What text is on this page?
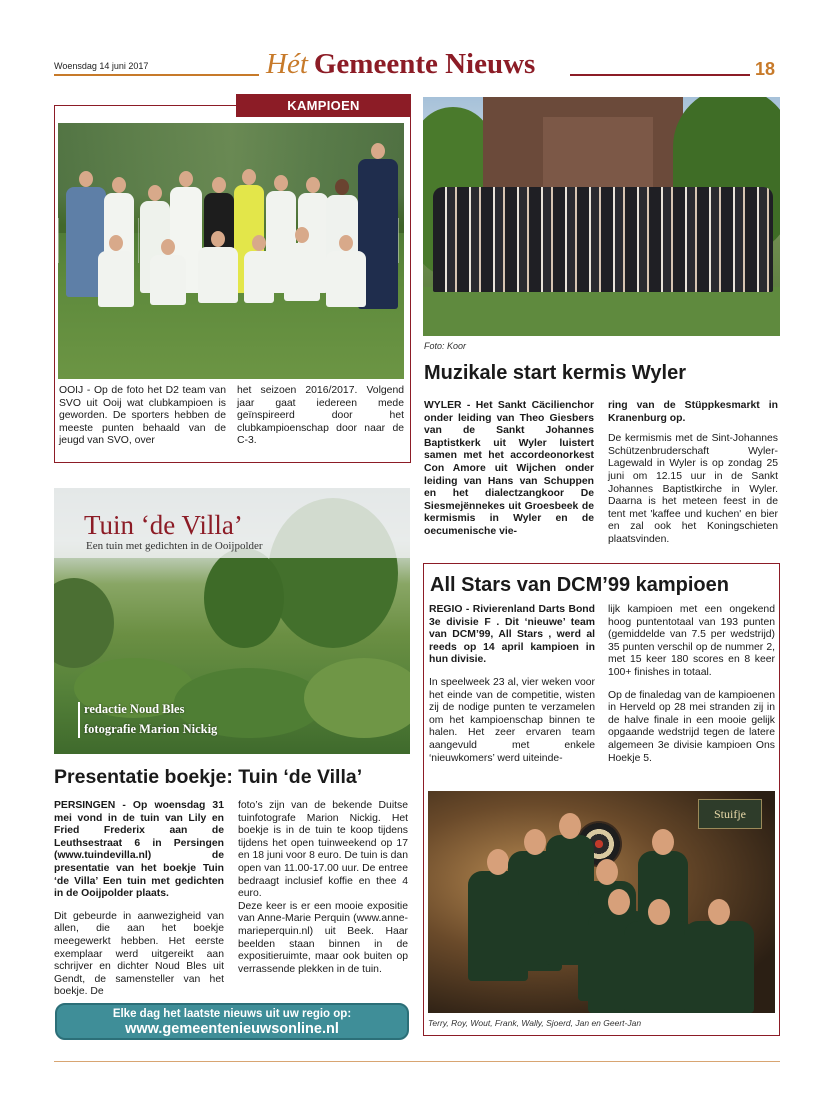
Woensdag 14 juni 2017	Hét Gemeente Nieuws	18
KAMPIOEN
OOIJ - Op de foto het D2 team van SVO uit Ooij wat clubkampioen is geworden. De sporters hebben de meeste punten behaald van de jeugd van SVO, over
het seizoen 2016/2017. Volgend jaar gaat iedereen mede geïnspireerd door het clubkampioenschap door naar de C-3.
Foto: Koor
Muzikale start kermis Wyler
WYLER - Het Sankt Cäcilienchor onder leiding van Theo Giesbers van de Sankt Johannes Baptistkerk uit Wyler luistert samen met het accordeonorkest Con Amore uit Wijchen onder leiding van Hans van Schuppen en het dialectzangkoor De Siesmejënnekes uit Groesbeek de kermismis in Wyler en de oecumenische vie-

ring van de Stüppkesmarkt in Kranenburg op.

De kermismis met de Sint-Johannes Schützenbruderschaft Wyler-Lagewald in Wyler is op zondag 25 juni om 12.15 uur in de Sankt Johannes Baptistkirche in Wyler. Daarna is het meteen feest in de tent met 'kaffee und kuchen' en bier en zal ook het Koningschieten plaatsvinden.

Tuin ‘de Villa’
Een tuin met gedichten in de Ooijpolder
redactie Noud Bles
fotografie Marion Nickig
Presentatie boekje: Tuin ‘de Villa’

PERSINGEN - Op woensdag 31 mei vond in de tuin van Lily en Fried Frederix aan de Leuthsestraat 6 in Persingen (www.tuindevilla.nl) de presentatie van het boekje Tuin ‘de Villa’ Een tuin met gedichten in de Ooijpolder plaats.

Dit gebeurde in aanwezigheid van allen, die aan het boekje meegewerkt hebben. Het eerste exemplaar werd uitgereikt aan schrijver en dichter Noud Bles uit Gendt, de samensteller van het boekje. De

foto’s zijn van de bekende Duitse tuinfotografe Marion Nickig. Het boekje is in de tuin te koop tijdens tijdens het open tuinweekend op 17 en 18 juni voor 8 euro. De tuin is dan open van 11.00-17.00 uur. De entree bedraagt inclusief koffie en thee 4 euro.

Deze keer is er een mooie expositie van Anne-Marie Perquin (www.anne-marieperquin.nl) uit Beek. Haar beelden staan binnen in de expositieruimte, maar ook buiten op verrassende plekken in de tuin.

All Stars van DCM’99 kampioen

REGIO - Rivierenland Darts Bond 3e divisie F . Dit ‘nieuwe’ team van DCM’99, All Stars , werd al reeds op 14 april kampioen in hun divisie.

In speelweek 23 al, vier weken voor het einde van de competitie, wisten zij de nodige punten te verzamelen om het kampioenschap binnen te halen. Het zeer ervaren team aangevuld met enkele ‘nieuwkomers’ werd uiteinde-

lijk kampioen met een ongekend hoog puntentotaal van 193 punten (gemiddelde van 7.5 per wedstrijd) 35 punten verschil op de nummer 2, met 15 keer 180 scores en 8 keer 100+ finishes in totaal.

Op de finaledag van de kampioenen in Herveld op 28 mei stranden zij in de halve finale in een mooie gelijk opgaande wedstrijd tegen de latere algemeen 3e divisie kampioen Ons Hoekje 5.

Stuifje
Terry, Roy, Wout, Frank, Wally, Sjoerd, Jan en Geert-Jan
Elke dag het laatste nieuws uit uw regio op:
www.gemeentenieuwsonline.nl
